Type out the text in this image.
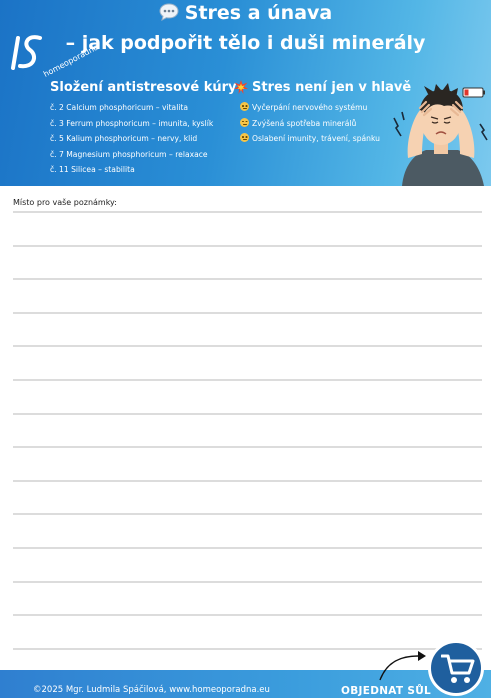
homeoporadna
Stres a únava
– jak podpořit tělo i duši minerály
Složení antistresové kúry	Stres není jen v hlavě
č. 2 Calcium phosphoricum – vitalita
č. 3 Ferrum phosphoricum – imunita, kyslík
č. 5 Kalium phosphoricum – nervy, klid
č. 7 Magnesium phosphoricum – relaxace
č. 11 Silicea – stabilita
Vyčerpání nervového systému
Zvýšená spotřeba minerálů
Oslabení imunity, trávení, spánku
Místo pro vaše poznámky:
©2025 Mgr. Ludmila Spáčilová, www.homeoporadna.eu	OBJEDNAT SŮL
